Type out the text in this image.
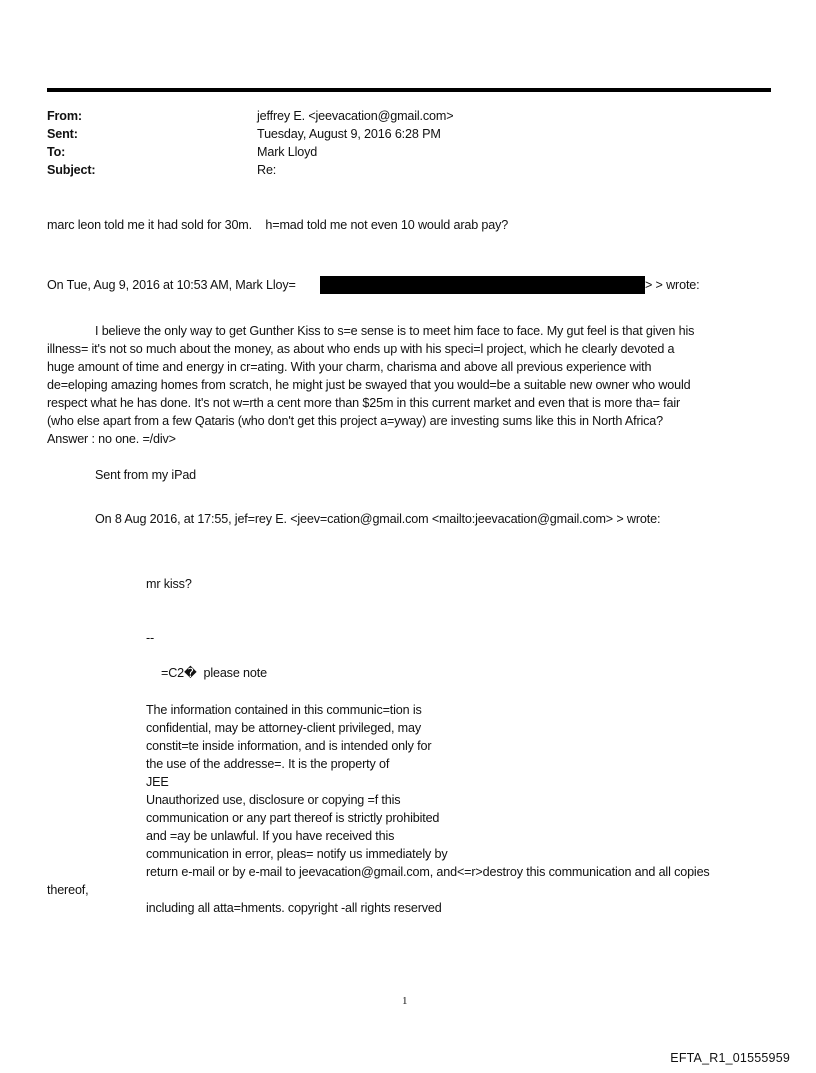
From:	jeffrey E. <jeevacation@gmail.com>
Sent:	Tuesday, August 9, 2016 6:28 PM
To:	Mark Lloyd
Subject:	Re:
marc leon told me it had sold for 30m.    h=mad told me not even 10 would arab pay?
On Tue, Aug 9, 2016 at 10:53 AM, Mark Lloy=	> > wrote:
I believe the only way to get Gunther Kiss to s=e sense is to meet him face to face. My gut feel is that given his
illness= it's not so much about the money, as about who ends up with his speci=l project, which he clearly devoted a
huge amount of time and energy in cr=ating. With your charm, charisma and above all previous experience with
de=eloping amazing homes from scratch, he might just be swayed that you would=be a suitable new owner who would
respect what he has done. It's not w=rth a cent more than $25m in this current market and even that is more tha= fair
(who else apart from a few Qataris (who don't get this project a=yway) are investing sums like this in North Africa?
Answer : no one. =/div>
Sent from my iPad
On 8 Aug 2016, at 17:55, jef=rey E. <jeev=cation@gmail.com <mailto:jeevacation@gmail.com> > wrote:
mr kiss?
--
=C2�  please note
The information contained in this communic=tion is
confidential, may be attorney-client privileged, may
constit=te inside information, and is intended only for
the use of the addresse=. It is the property of
JEE
Unauthorized use, disclosure or copying =f this
communication or any part thereof is strictly prohibited
and =ay be unlawful. If you have received this
communication in error, pleas= notify us immediately by
return e-mail or by e-mail to jeevacation@gmail.com, and<=r>destroy this communication and all copies
thereof,
including all atta=hments. copyright -all rights reserved
1
EFTA_R1_01555959
